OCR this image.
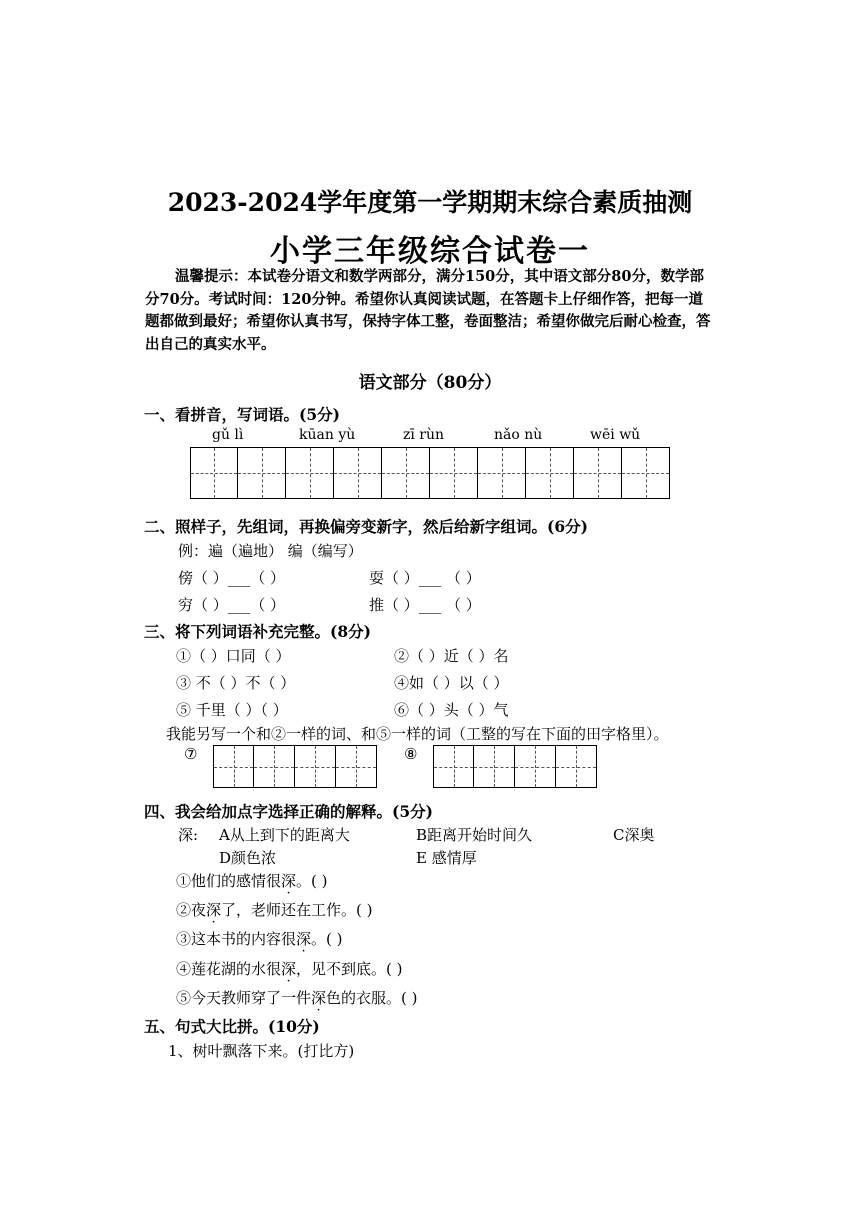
2023-2024学年度第一学期期末综合素质抽测
小学三年级综合试卷一
温馨提示：本试卷分语文和数学两部分，满分150分，其中语文部分80分，数学部分70分。考试时间：120分钟。希望你认真阅读试题，在答题卡上仔细作答，把每一道题都做到最好；希望你认真书写，保持字体工整，卷面整洁；希望你做完后耐心检查，答出自己的真实水平。
语文部分（80分）
一、看拼音，写词语。(5分)
gǔ lì	kūan yù	zī rùn	nǎo nù	wēi wǔ
二、照样子，先组词，再换偏旁变新字，然后给新字组词。(6分)
例：遍（遍地） 编（编写）
傍（ ）___（ ）	耍（ ）___ （ ）
穷（ ）___（ ）	推（ ）___ （ ）
三、将下列词语补充完整。(8分)
①（ ）口同（ ）	②（ ）近（ ）名
③ 不（ ）不（ ）	④如（ ）以（ ）
⑤ 千里（ ）（ ）	⑥（ ）头（ ）气
我能另写一个和②一样的词、和⑤一样的词（工整的写在下面的田字格里）。
⑦	⑧
四、我会给加点字选择正确的解释。(5分)
深: A从上到下的距离大	B距离开始时间久	C深奥
D颜色浓	E 感情厚
①他们的感情很深。( )
②夜深了，老师还在工作。( )
③这本书的内容很深。( )
④莲花湖的水很深，见不到底。( )
⑤今天教师穿了一件深色的衣服。( )
五、句式大比拼。(10分)
1、树叶飘落下来。(打比方)
